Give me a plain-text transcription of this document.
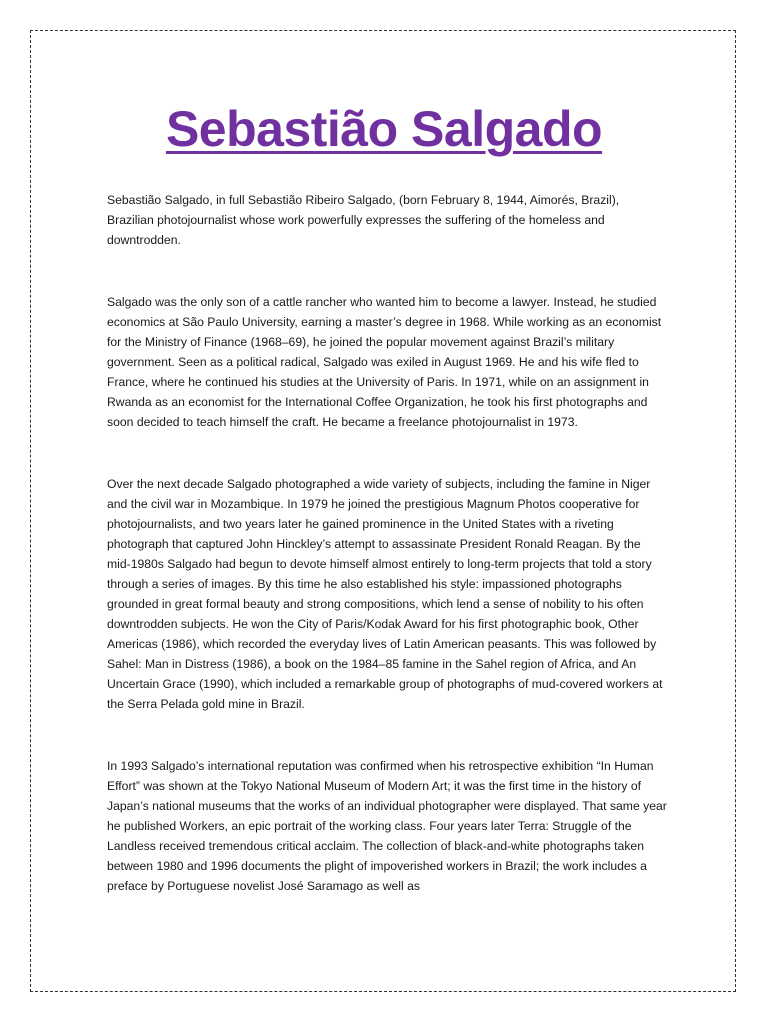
Sebastião Salgado

Sebastião Salgado, in full Sebastião Ribeiro Salgado, (born February 8, 1944, Aimorés, Brazil), Brazilian photojournalist whose work powerfully expresses the suffering of the homeless and downtrodden.

Salgado was the only son of a cattle rancher who wanted him to become a lawyer. Instead, he studied economics at São Paulo University, earning a master’s degree in 1968. While working as an economist for the Ministry of Finance (1968–69), he joined the popular movement against Brazil’s military government. Seen as a political radical, Salgado was exiled in August 1969. He and his wife fled to France, where he continued his studies at the University of Paris. In 1971, while on an assignment in Rwanda as an economist for the International Coffee Organization, he took his first photographs and soon decided to teach himself the craft. He became a freelance photojournalist in 1973.

Over the next decade Salgado photographed a wide variety of subjects, including the famine in Niger and the civil war in Mozambique. In 1979 he joined the prestigious Magnum Photos cooperative for photojournalists, and two years later he gained prominence in the United States with a riveting photograph that captured John Hinckley’s attempt to assassinate President Ronald Reagan. By the mid-1980s Salgado had begun to devote himself almost entirely to long-term projects that told a story through a series of images. By this time he also established his style: impassioned photographs grounded in great formal beauty and strong compositions, which lend a sense of nobility to his often downtrodden subjects. He won the City of Paris/Kodak Award for his first photographic book, Other Americas (1986), which recorded the everyday lives of Latin American peasants. This was followed by Sahel: Man in Distress (1986), a book on the 1984–85 famine in the Sahel region of Africa, and An Uncertain Grace (1990), which included a remarkable group of photographs of mud-covered workers at the Serra Pelada gold mine in Brazil.

In 1993 Salgado’s international reputation was confirmed when his retrospective exhibition “In Human Effort” was shown at the Tokyo National Museum of Modern Art; it was the first time in the history of Japan’s national museums that the works of an individual photographer were displayed. That same year he published Workers, an epic portrait of the working class. Four years later Terra: Struggle of the Landless received tremendous critical acclaim. The collection of black-and-white photographs taken between 1980 and 1996 documents the plight of impoverished workers in Brazil; the work includes a preface by Portuguese novelist José Saramago as well as
